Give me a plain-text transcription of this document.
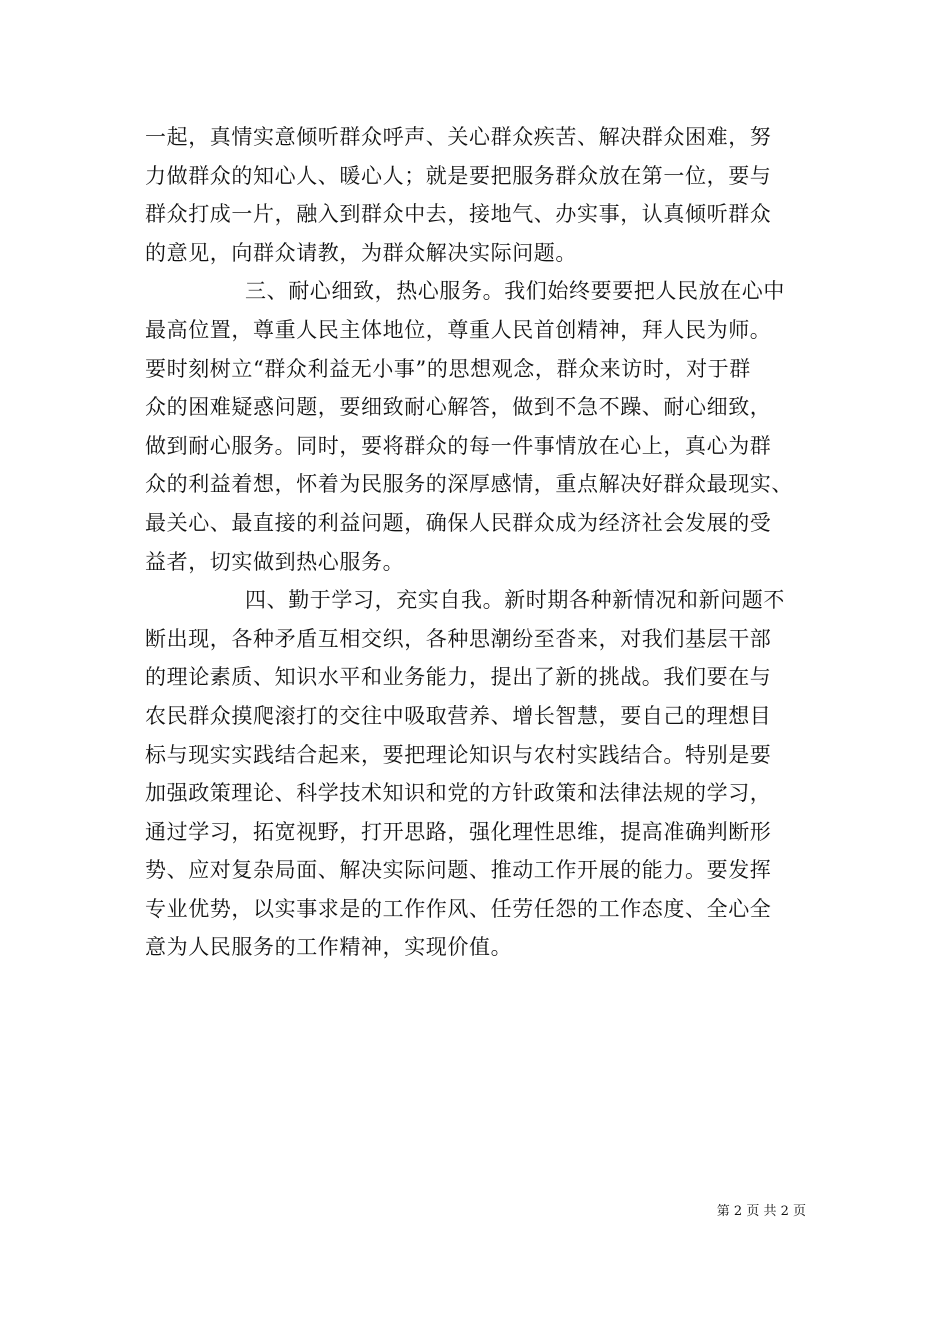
一起，真情实意倾听群众呼声、关心群众疾苦、解决群众困难，努
力做群众的知心人、暖心人；就是要把服务群众放在第一位，要与
群众打成一片，融入到群众中去，接地气、办实事，认真倾听群众
的意见，向群众请教，为群众解决实际问题。
三、耐心细致，热心服务。我们始终要要把人民放在心中
最高位置，尊重人民主体地位，尊重人民首创精神，拜人民为师。
要时刻树立“群众利益无小事”的思想观念，群众来访时，对于群
众的困难疑惑问题，要细致耐心解答，做到不急不躁、耐心细致，
做到耐心服务。同时，要将群众的每一件事情放在心上，真心为群
众的利益着想，怀着为民服务的深厚感情，重点解决好群众最现实、
最关心、最直接的利益问题，确保人民群众成为经济社会发展的受
益者，切实做到热心服务。
四、勤于学习，充实自我。新时期各种新情况和新问题不
断出现，各种矛盾互相交织，各种思潮纷至沓来，对我们基层干部
的理论素质、知识水平和业务能力，提出了新的挑战。我们要在与
农民群众摸爬滚打的交往中吸取营养、增长智慧，要自己的理想目
标与现实实践结合起来，要把理论知识与农村实践结合。特别是要
加强政策理论、科学技术知识和党的方针政策和法律法规的学习，
通过学习，拓宽视野，打开思路，强化理性思维，提高准确判断形
势、应对复杂局面、解决实际问题、推动工作开展的能力。要发挥
专业优势，以实事求是的工作作风、任劳任怨的工作态度、全心全
意为人民服务的工作精神，实现价值。
第 2 页 共 2 页
